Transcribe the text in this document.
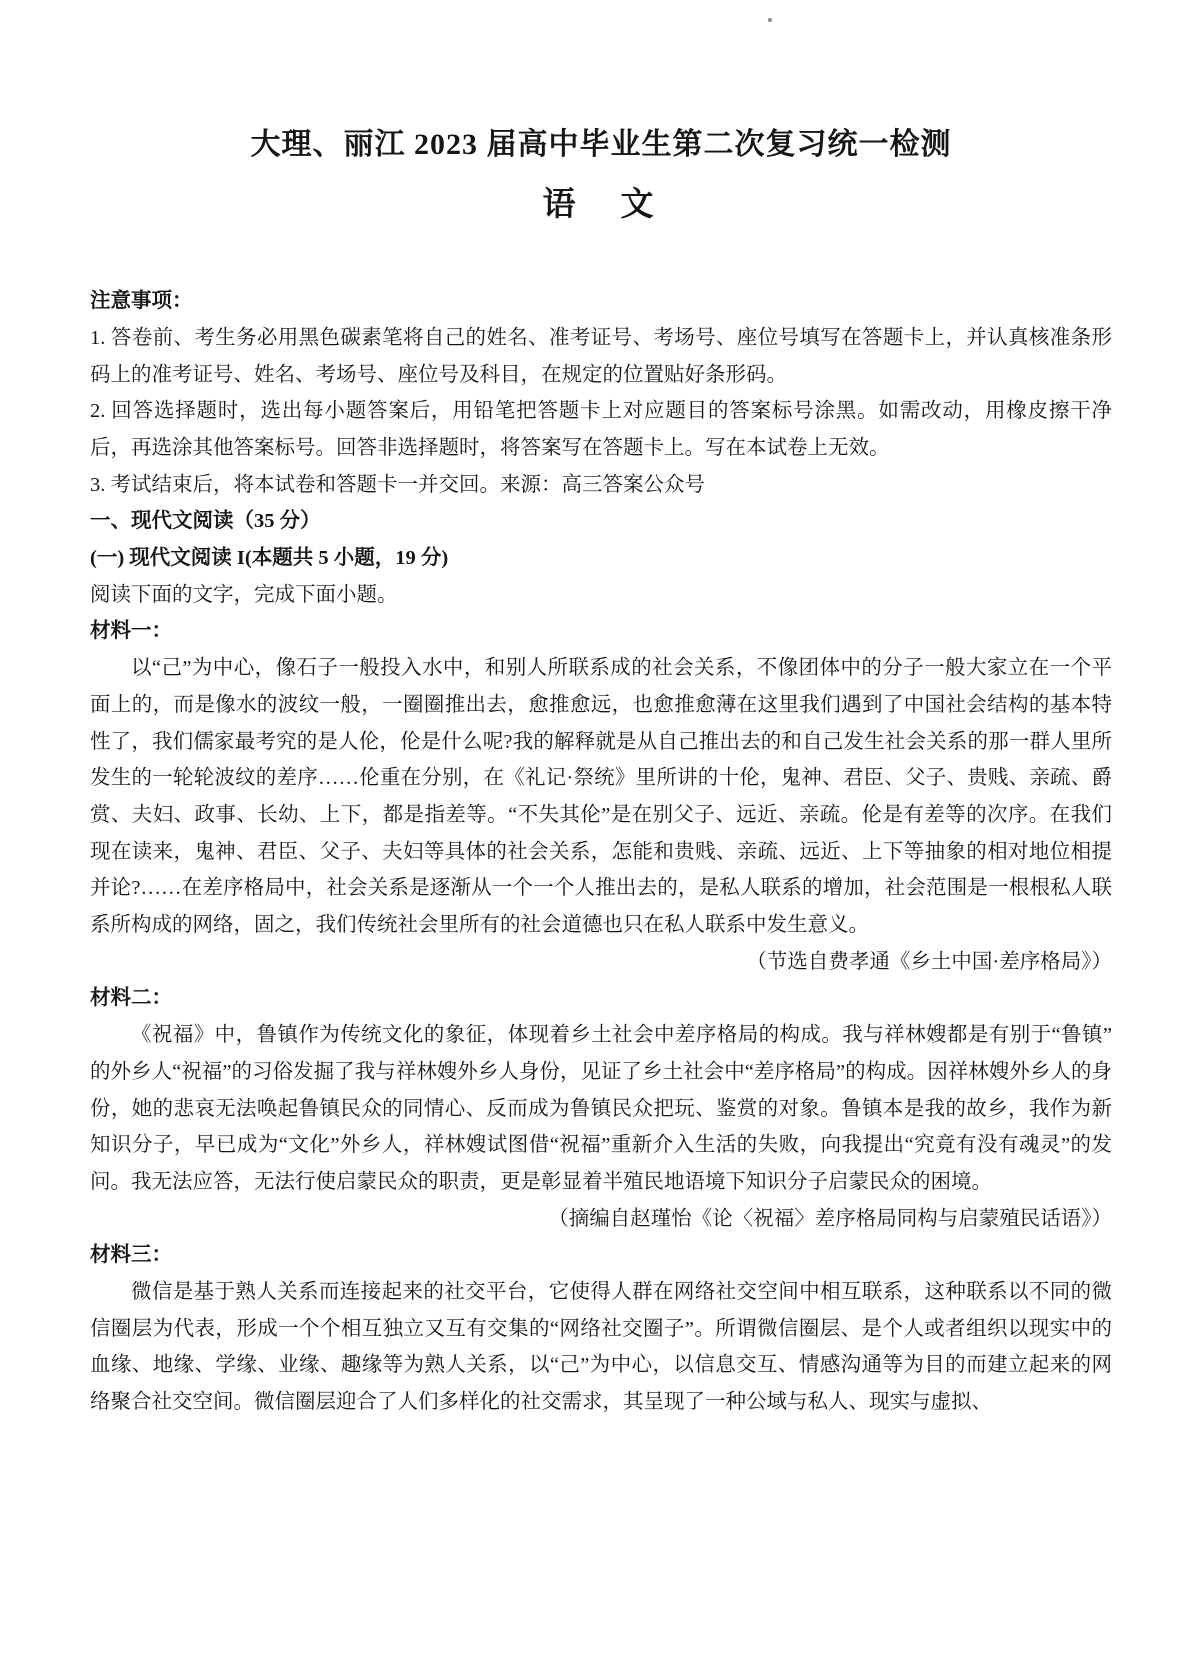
大理、丽江 2023 届高中毕业生第二次复习统一检测
语　文

注意事项：

1. 答卷前、考生务必用黑色碳素笔将自己的姓名、准考证号、考场号、座位号填写在答题卡上，并认真核准条形码上的准考证号、姓名、考场号、座位号及科目，在规定的位置贴好条形码。

2. 回答选择题时，选出每小题答案后，用铅笔把答题卡上对应题目的答案标号涂黑。如需改动，用橡皮擦干净后，再选涂其他答案标号。回答非选择题时，将答案写在答题卡上。写在本试卷上无效。

3. 考试结束后，将本试卷和答题卡一并交回。来源：高三答案公众号

一、现代文阅读（35 分）

(一) 现代文阅读 I(本题共 5 小题，19 分)

阅读下面的文字，完成下面小题。

材料一：

以“己”为中心，像石子一般投入水中，和别人所联系成的社会关系，不像团体中的分子一般大家立在一个平面上的，而是像水的波纹一般，一圈圈推出去，愈推愈远，也愈推愈薄在这里我们遇到了中国社会结构的基本特性了，我们儒家最考究的是人伦，伦是什么呢?我的解释就是从自己推出去的和自己发生社会关系的那一群人里所发生的一轮轮波纹的差序……伦重在分别，在《礼记·祭统》里所讲的十伦，鬼神、君臣、父子、贵贱、亲疏、爵赏、夫妇、政事、长幼、上下，都是指差等。“不失其伦”是在别父子、远近、亲疏。伦是有差等的次序。在我们现在读来，鬼神、君臣、父子、夫妇等具体的社会关系，怎能和贵贱、亲疏、远近、上下等抽象的相对地位相提并论?……在差序格局中，社会关系是逐渐从一个一个人推出去的，是私人联系的增加，社会范围是一根根私人联系所构成的网络，固之，我们传统社会里所有的社会道德也只在私人联系中发生意义。

（节选自费孝通《乡土中国·差序格局》）

材料二：

《祝福》中，鲁镇作为传统文化的象征，体现着乡土社会中差序格局的构成。我与祥林嫂都是有别于“鲁镇”的外乡人“祝福”的习俗发掘了我与祥林嫂外乡人身份，见证了乡土社会中“差序格局”的构成。因祥林嫂外乡人的身份，她的悲哀无法唤起鲁镇民众的同情心、反而成为鲁镇民众把玩、鉴赏的对象。鲁镇本是我的故乡，我作为新知识分子，早已成为“文化”外乡人，祥林嫂试图借“祝福”重新介入生活的失败，向我提出“究竟有没有魂灵”的发问。我无法应答，无法行使启蒙民众的职责，更是彰显着半殖民地语境下知识分子启蒙民众的困境。

（摘编自赵瑾怡《论〈祝福〉差序格局同构与启蒙殖民话语》）

材料三：

微信是基于熟人关系而连接起来的社交平台，它使得人群在网络社交空间中相互联系，这种联系以不同的微信圈层为代表，形成一个个相互独立又互有交集的“网络社交圈子”。所谓微信圈层、是个人或者组织以现实中的血缘、地缘、学缘、业缘、趣缘等为熟人关系，以“己”为中心，以信息交互、情感沟通等为目的而建立起来的网络聚合社交空间。微信圈层迎合了人们多样化的社交需求，其呈现了一种公域与私人、现实与虚拟、
